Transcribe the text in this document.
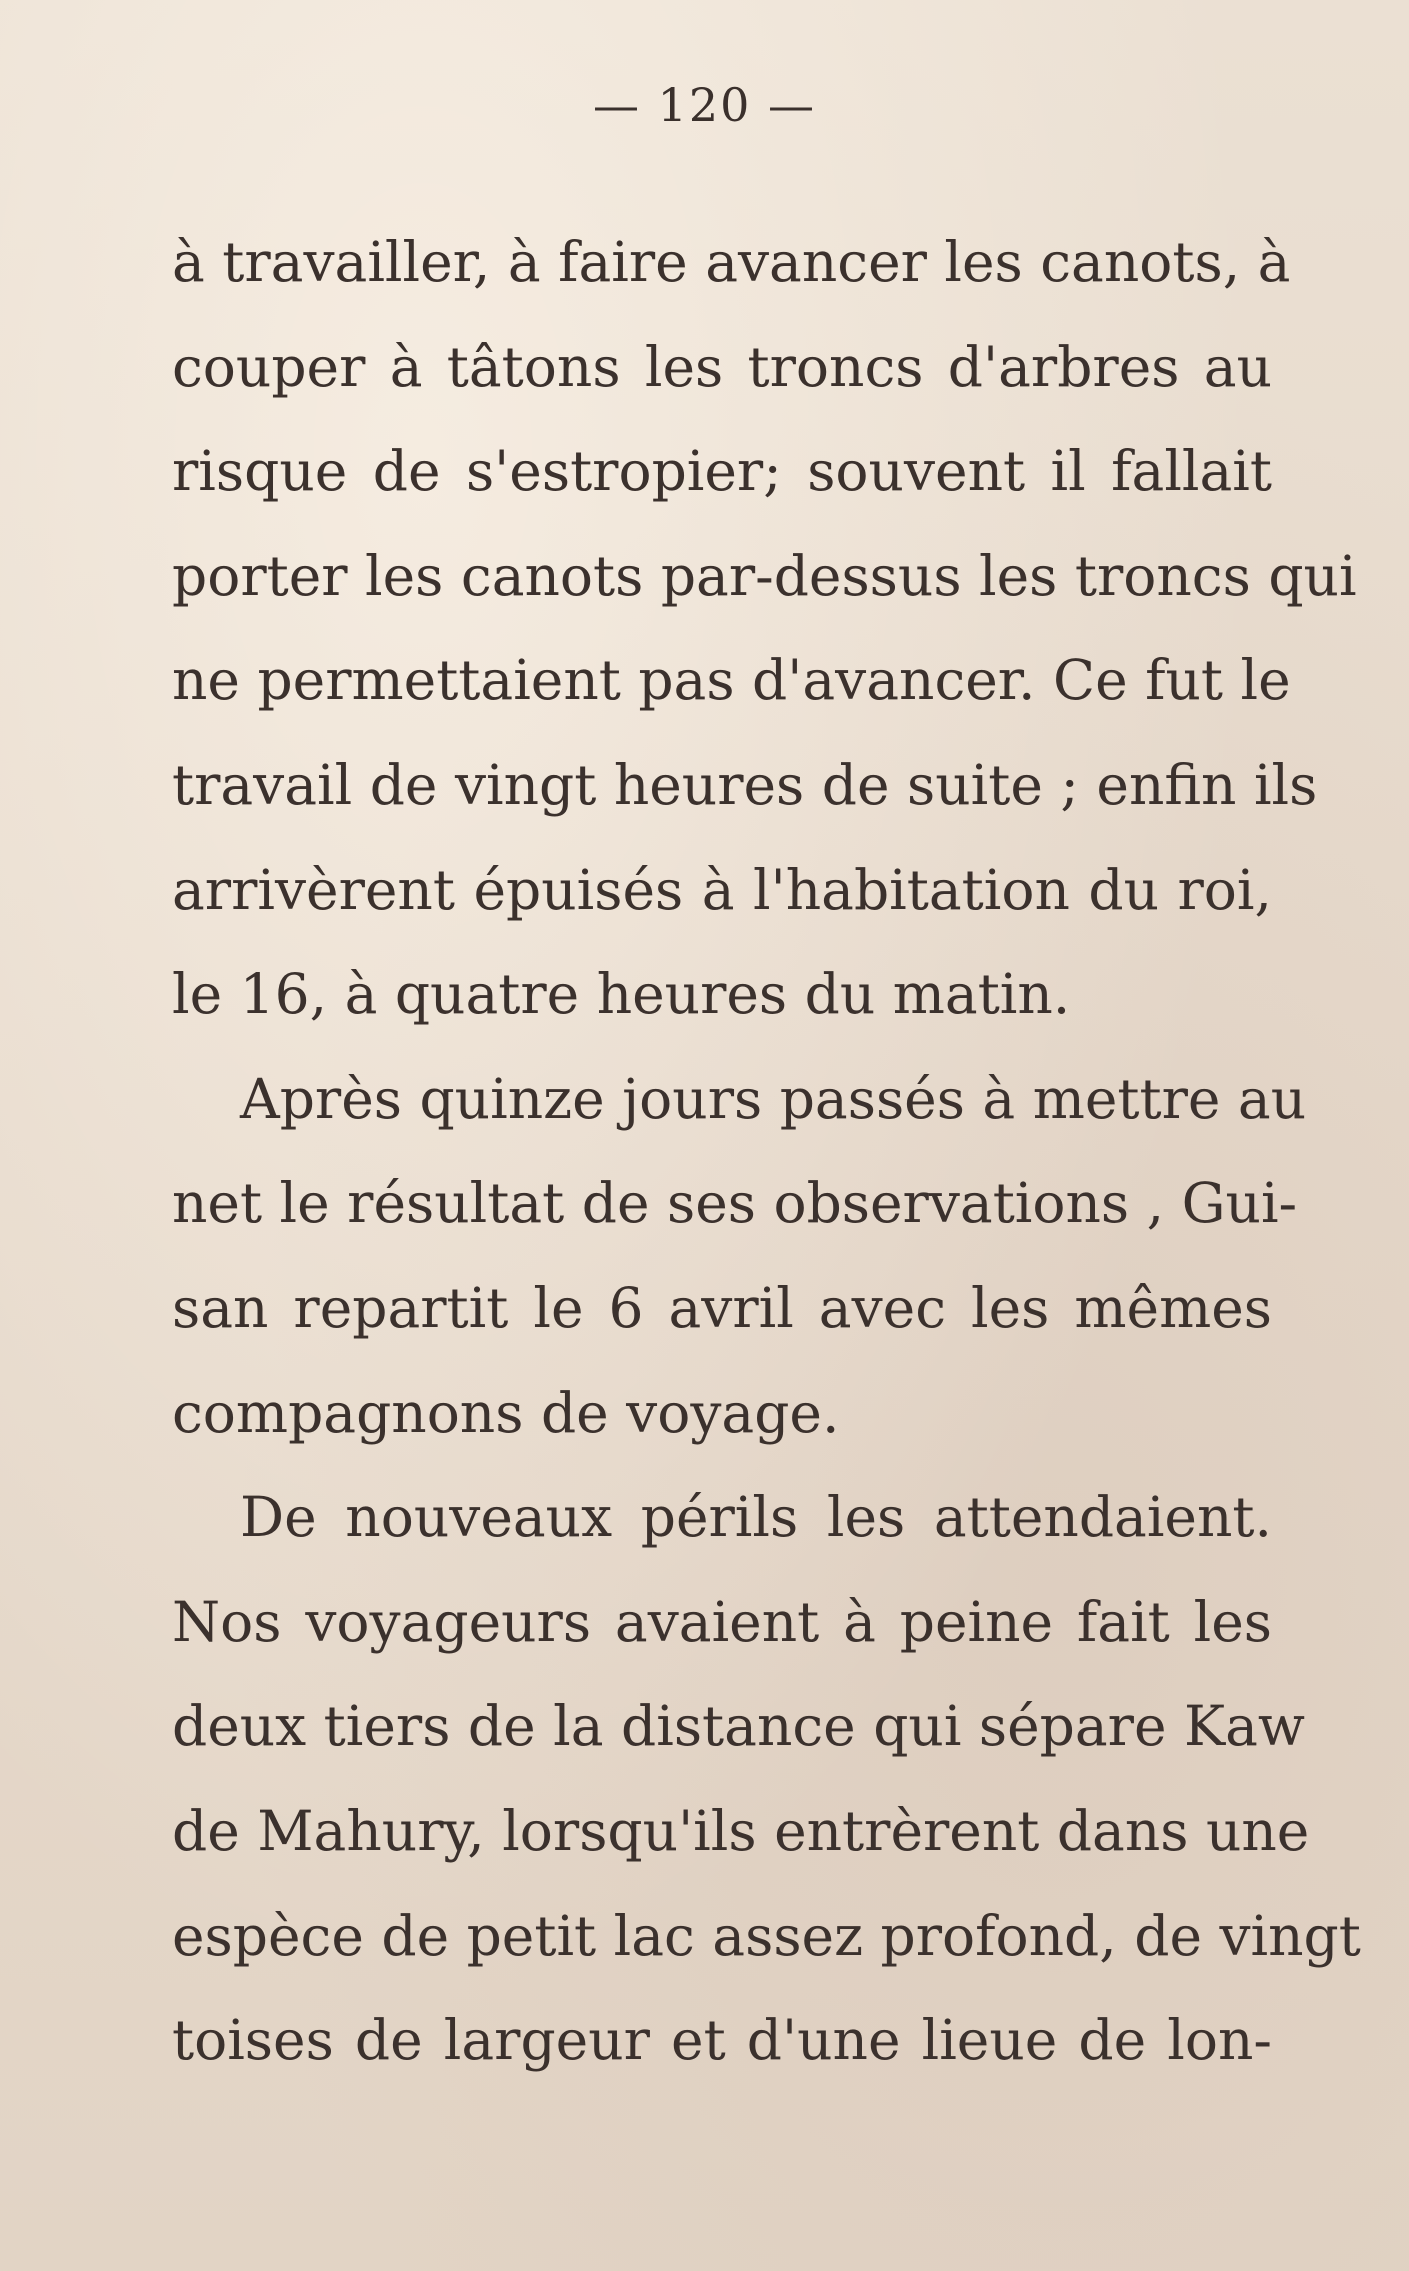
— 120 —
à travailler, à faire avancer les canots, à
couper à tâtons les troncs d'arbres au
risque de s'estropier; souvent il fallait
porter les canots par-dessus les troncs qui
ne permettaient pas d'avancer. Ce fut le
travail de vingt heures de suite ; enfin ils
arrivèrent épuisés à l'habitation du roi,
le 16, à quatre heures du matin.
Après quinze jours passés à mettre au
net le résultat de ses observations , Gui-
san repartit le 6 avril avec les mêmes
compagnons de voyage.
De nouveaux périls les attendaient.
Nos voyageurs avaient à peine fait les
deux tiers de la distance qui sépare Kaw
de Mahury, lorsqu'ils entrèrent dans une
espèce de petit lac assez profond, de vingt
toises de largeur et d'une lieue de lon-
